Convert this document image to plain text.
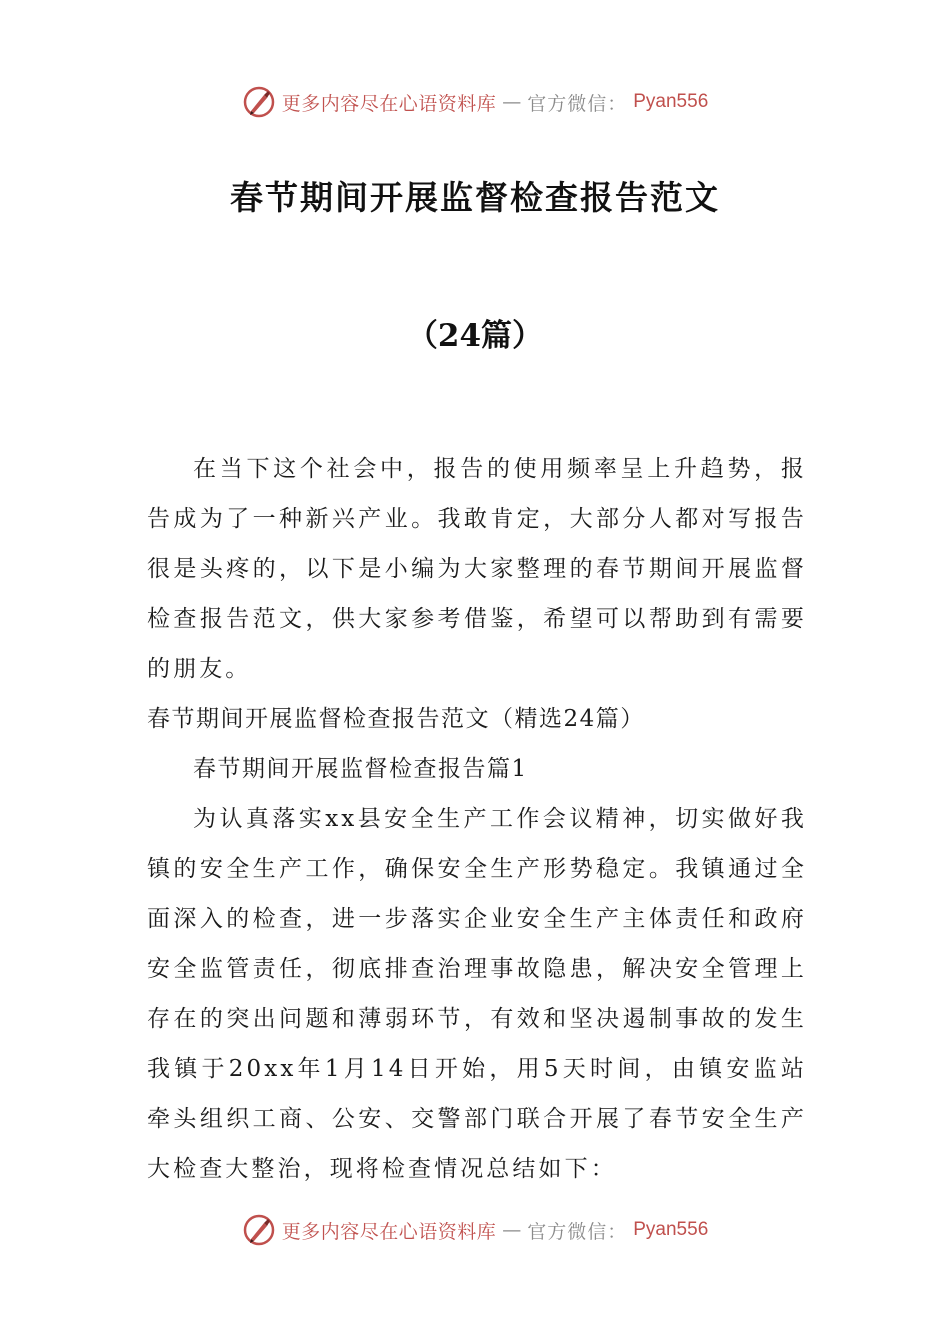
更多内容尽在心语资料库 — 官方微信： Pyan556
春节期间开展监督检查报告范文
（24篇）

在当下这个社会中，报告的使用频率呈上升趋势，报告成为了一种新兴产业。我敢肯定，大部分人都对写报告很是头疼的，以下是小编为大家整理的春节期间开展监督检查报告范文，供大家参考借鉴，希望可以帮助到有需要的朋友。

春节期间开展监督检查报告范文（精选24篇）

春节期间开展监督检查报告篇1

为认真落实xx县安全生产工作会议精神，切实做好我镇的安全生产工作，确保安全生产形势稳定。我镇通过全面深入的检查，进一步落实企业安全生产主体责任和政府安全监管责任，彻底排查治理事故隐患，解决安全管理上存在的突出问题和薄弱环节，有效和坚决遏制事故的发生我镇于20xx年1月14日开始，用5天时间，由镇安监站牵头组织工商、公安、交警部门联合开展了春节安全生产大检查大整治，现将检查情况总结如下：

更多内容尽在心语资料库 — 官方微信： Pyan556
